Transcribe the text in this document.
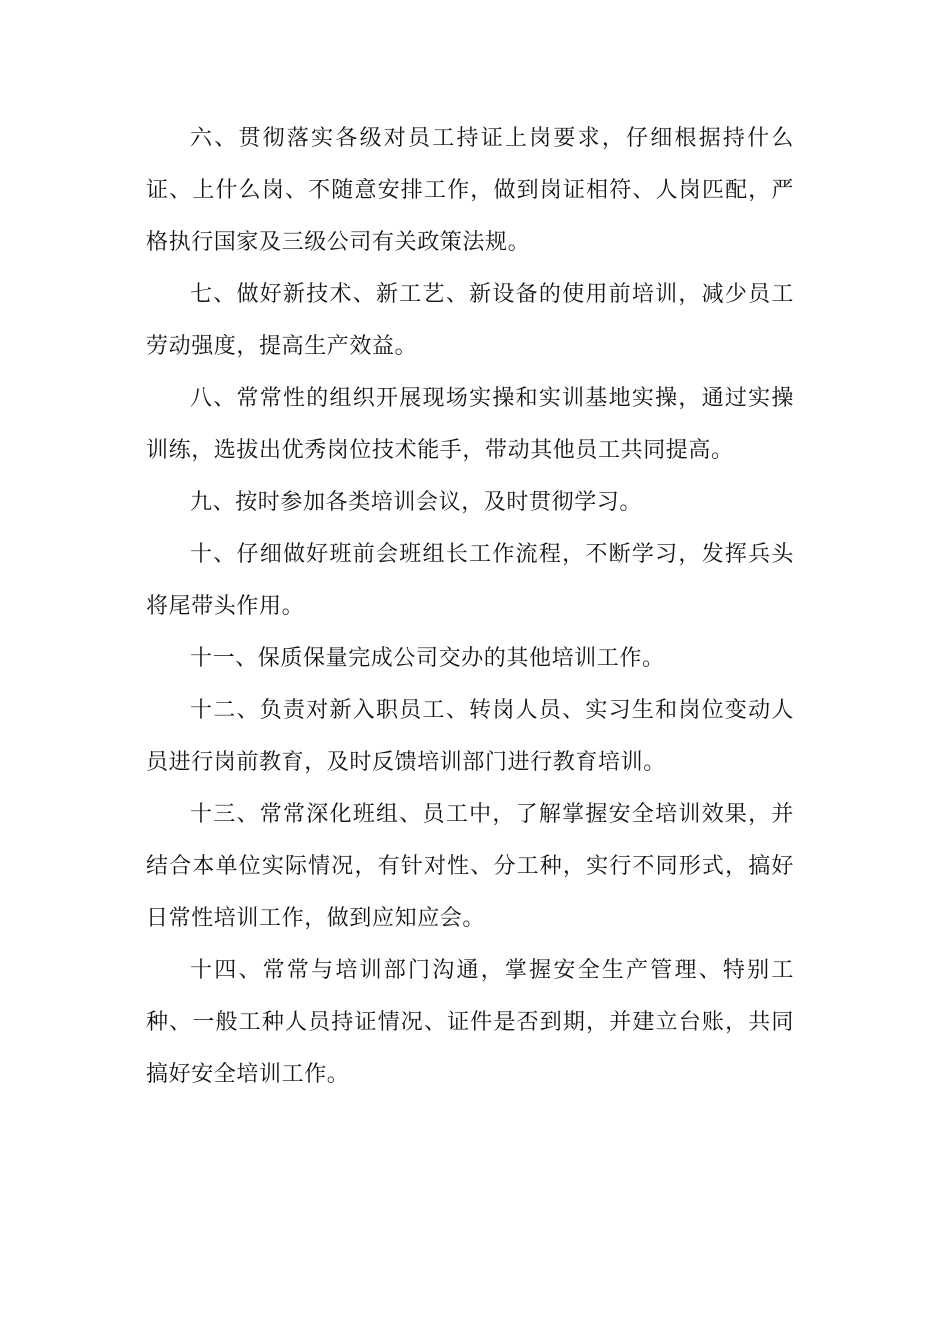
六、贯彻落实各级对员工持证上岗要求，仔细根据持什么证、上什么岗、不随意安排工作，做到岗证相符、人岗匹配，严格执行国家及三级公司有关政策法规。

七、做好新技术、新工艺、新设备的使用前培训，减少员工劳动强度，提高生产效益。

八、常常性的组织开展现场实操和实训基地实操，通过实操训练，选拔出优秀岗位技术能手，带动其他员工共同提高。

九、按时参加各类培训会议，及时贯彻学习。

十、仔细做好班前会班组长工作流程，不断学习，发挥兵头将尾带头作用。

十一、保质保量完成公司交办的其他培训工作。

十二、负责对新入职员工、转岗人员、实习生和岗位变动人员进行岗前教育，及时反馈培训部门进行教育培训。

十三、常常深化班组、员工中，了解掌握安全培训效果，并结合本单位实际情况，有针对性、分工种，实行不同形式，搞好日常性培训工作，做到应知应会。

十四、常常与培训部门沟通，掌握安全生产管理、特别工种、一般工种人员持证情况、证件是否到期，并建立台账，共同搞好安全培训工作。
